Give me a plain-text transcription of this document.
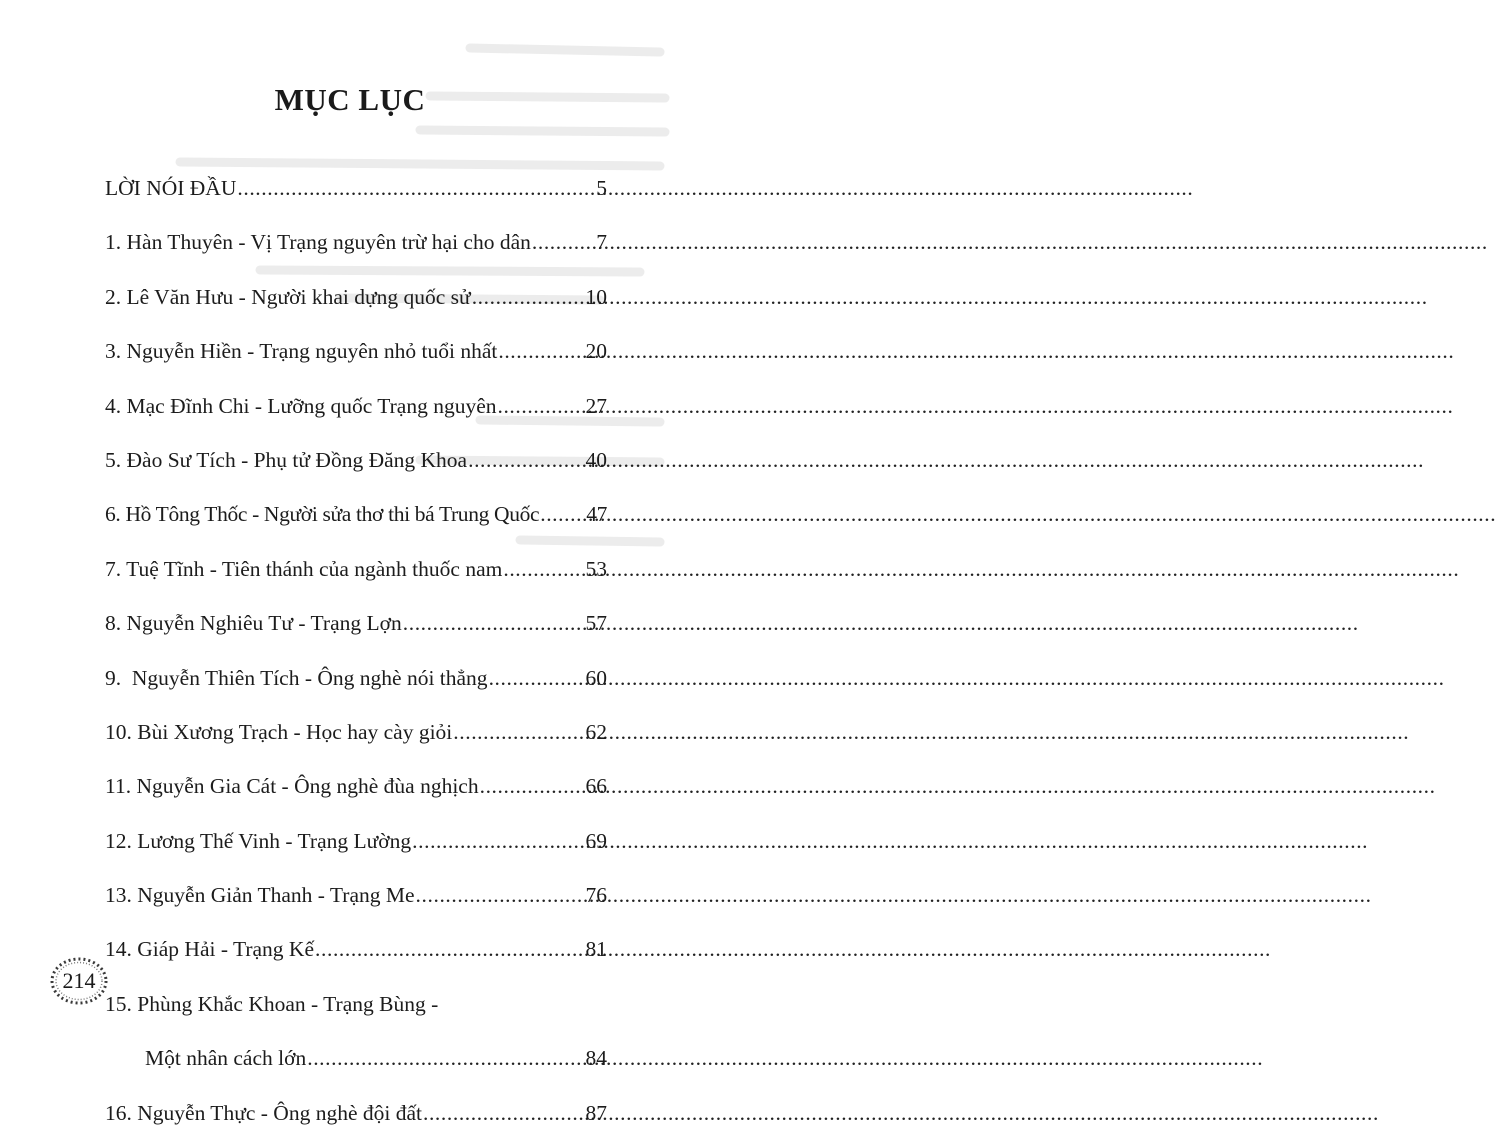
MỤC LỤC
LỜI NÓI ĐẦU .....	5
1. Hàn Thuyên - Vị Trạng nguyên trừ hại cho dân .....	7
2. Lê Văn Hưu - Người khai dựng quốc sử .....	10
3. Nguyễn Hiền - Trạng nguyên nhỏ tuổi nhất .....	20
4. Mạc Đĩnh Chi - Lưỡng quốc Trạng nguyên .....	27
5. Đào Sư Tích - Phụ tử Đồng Đăng Khoa .....	40
6. Hồ Tông Thốc - Người sửa thơ thi bá Trung Quốc ..... 47
7. Tuệ Tĩnh - Tiên thánh của ngành thuốc nam .....	53
8. Nguyễn Nghiêu Tư - Trạng Lợn .....	57
9.  Nguyễn Thiên Tích - Ông nghè nói thẳng .....	60
10. Bùi Xương Trạch - Học hay cày giỏi .....	62
11. Nguyễn Gia Cát - Ông nghè đùa nghịch .....	66
12. Lương Thế Vinh - Trạng Lường .....	69
13. Nguyễn Giản Thanh - Trạng Me .....	76
14. Giáp Hải - Trạng Kế .....	81
15. Phùng Khắc Khoan - Trạng Bùng -
Một nhân cách lớn .....	84
16. Nguyễn Thực - Ông nghè đội đất .....	87
214
